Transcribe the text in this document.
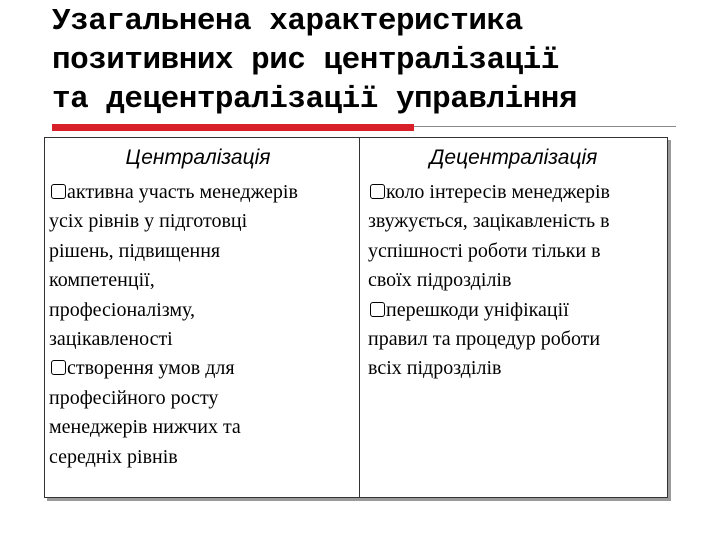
Узагальнена характеристика
позитивних рис централізації
та децентралізації управління
Централізація
активна участь менеджерів
усіх рівнів у підготовці
рішень, підвищення
компетенції,
професіоналізму,
зацікавленості
створення умов для
професійного росту
менеджерів нижчих та
середніх рівнів
Децентралізація
коло інтересів менеджерів
звужується, зацікавленість в
успішності роботи тільки в
своїх підрозділів
перешкоди уніфікації
правил та процедур роботи
всіх підрозділів
